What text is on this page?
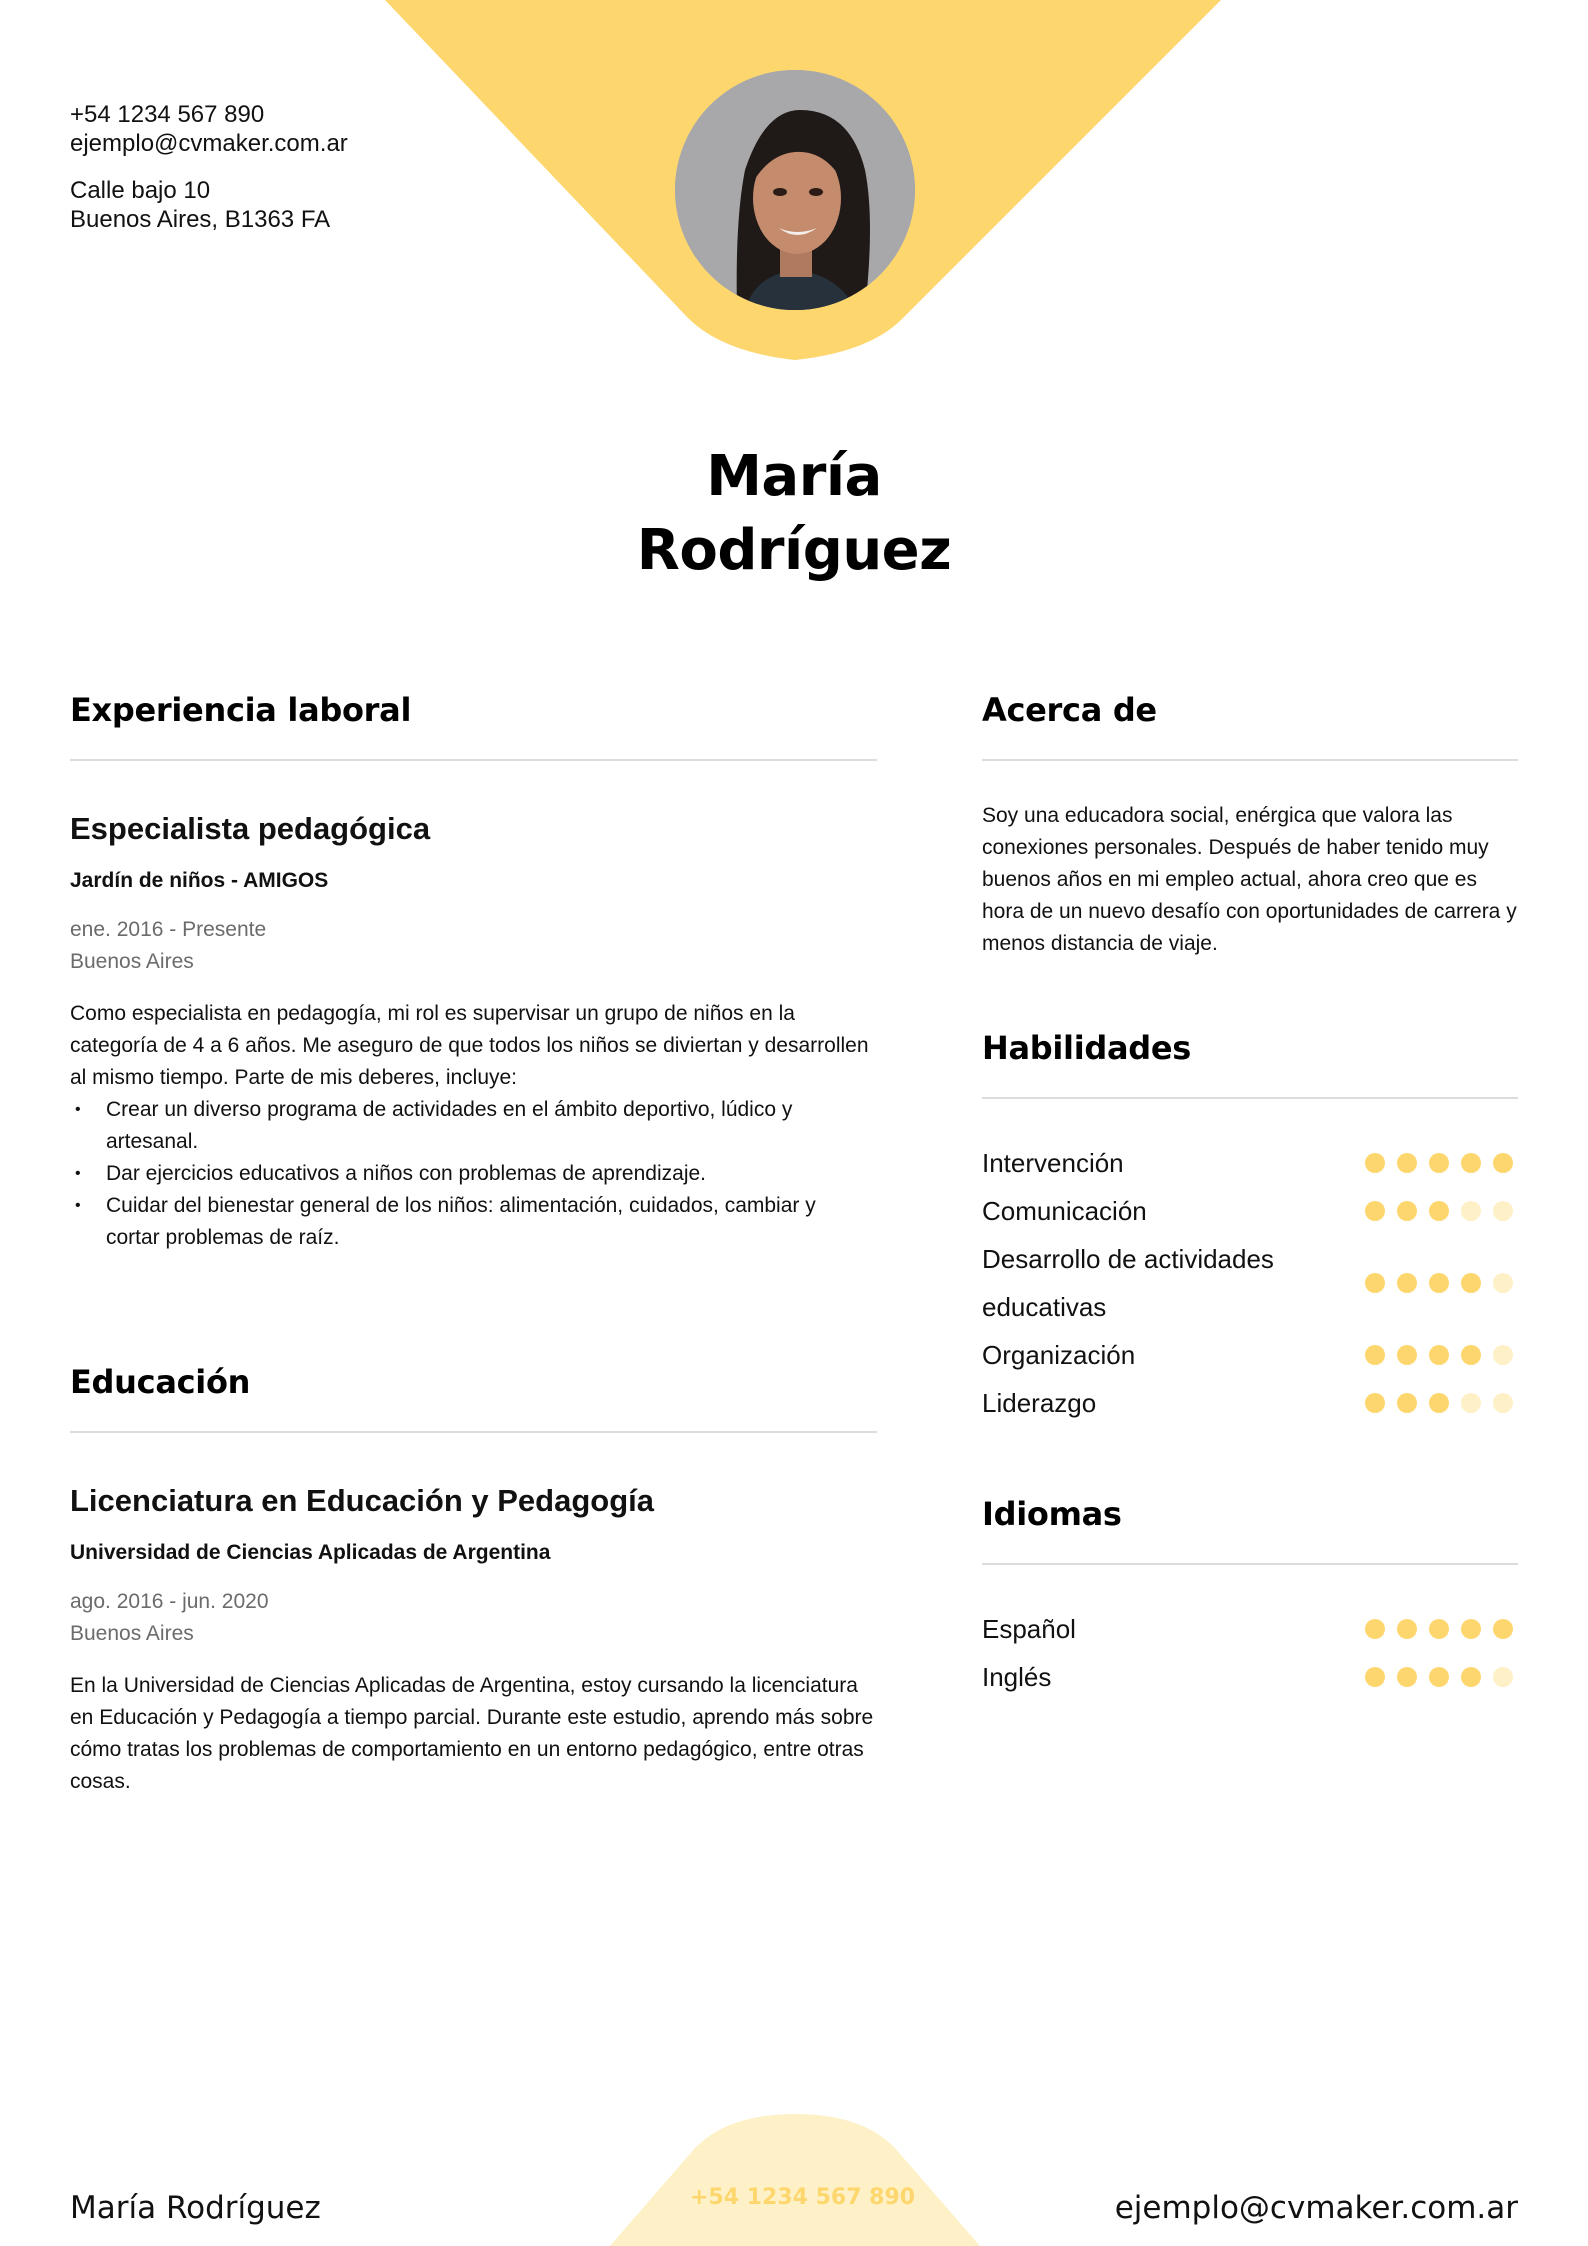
+54 1234 567 890
ejemplo@cvmaker.com.ar
Calle bajo 10
Buenos Aires, B1363 FA
María
Rodríguez
Experiencia laboral
Especialista pedagógica
Jardín de niños - AMIGOS
ene. 2016 - Presente
Buenos Aires
Como especialista en pedagogía, mi rol es supervisar un grupo de niños en la categoría de 4 a 6 años. Me aseguro de que todos los niños se diviertan y desarrollen al mismo tiempo. Parte de mis deberes, incluye:
• Crear un diverso programa de actividades en el ámbito deportivo, lúdico y artesanal.
• Dar ejercicios educativos a niños con problemas de aprendizaje.
• Cuidar del bienestar general de los niños: alimentación, cuidados, cambiar y cortar problemas de raíz.
Educación
Licenciatura en Educación y Pedagogía
Universidad de Ciencias Aplicadas de Argentina
ago. 2016 - jun. 2020
Buenos Aires
En la Universidad de Ciencias Aplicadas de Argentina, estoy cursando la licenciatura en Educación y Pedagogía a tiempo parcial. Durante este estudio, aprendo más sobre cómo tratas los problemas de comportamiento en un entorno pedagógico, entre otras cosas.
Acerca de
Soy una educadora social, enérgica que valora las conexiones personales. Después de haber tenido muy buenos años en mi empleo actual, ahora creo que es hora de un nuevo desafío con oportunidades de carrera y menos distancia de viaje.
Habilidades
Intervención
Comunicación
Desarrollo de actividades educativas
Organización
Liderazgo
Idiomas
Español
Inglés
María Rodríguez	+54 1234 567 890	ejemplo@cvmaker.com.ar
